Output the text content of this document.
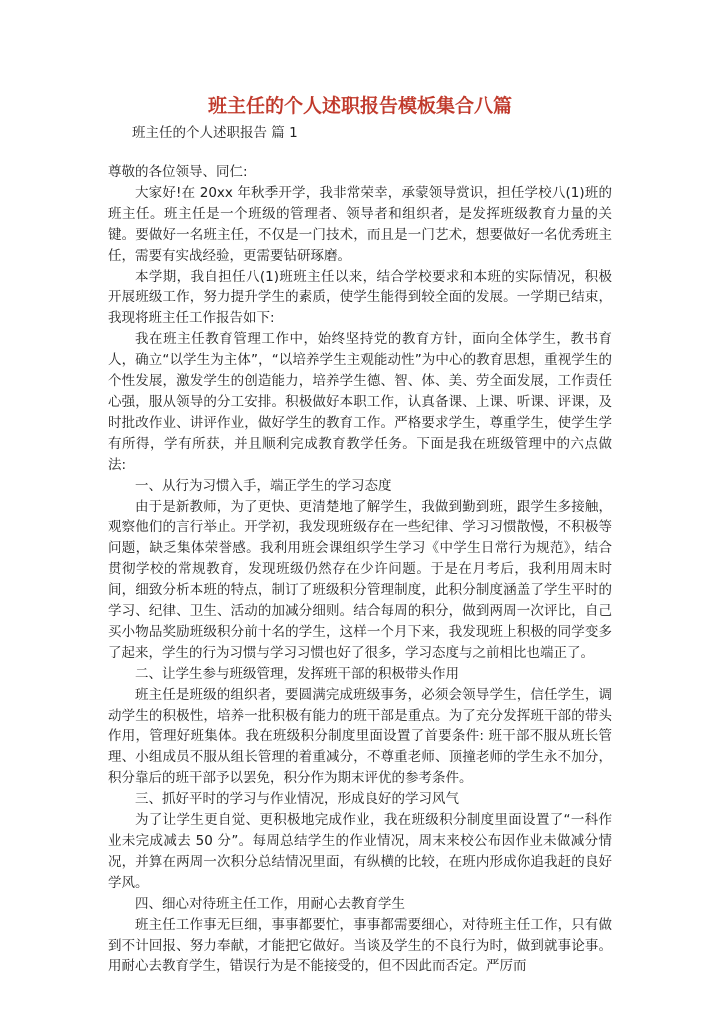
班主任的个人述职报告模板集合八篇
班主任的个人述职报告 篇 1

尊敬的各位领导、同仁:

大家好!在 20xx 年秋季开学，我非常荣幸，承蒙领导赏识，担任学校八(1)班的班主任。班主任是一个班级的管理者、领导者和组织者，是发挥班级教育力量的关键。要做好一名班主任，不仅是一门技术，而且是一门艺术，想要做好一名优秀班主任，需要有实战经验，更需要钻研琢磨。

本学期，我自担任八(1)班班主任以来，结合学校要求和本班的实际情况，积极开展班级工作，努力提升学生的素质，使学生能得到较全面的发展。一学期已结束，我现将班主任工作报告如下:

我在班主任教育管理工作中，始终坚持党的教育方针，面向全体学生，教书育人，确立“以学生为主体”，“以培养学生主观能动性”为中心的教育思想，重视学生的个性发展，激发学生的创造能力，培养学生德、智、体、美、劳全面发展，工作责任心强，服从领导的分工安排。积极做好本职工作，认真备课、上课、听课、评课，及时批改作业、讲评作业，做好学生的教育工作。严格要求学生，尊重学生，使学生学有所得，学有所获，并且顺利完成教育教学任务。下面是我在班级管理中的六点做法:

一、从行为习惯入手，端正学生的学习态度

由于是新教师，为了更快、更清楚地了解学生，我做到勤到班，跟学生多接触，观察他们的言行举止。开学初，我发现班级存在一些纪律、学习习惯散慢，不积极等问题，缺乏集体荣誉感。我利用班会课组织学生学习《中学生日常行为规范》，结合贯彻学校的常规教育，发现班级仍然存在少许问题。于是在月考后，我利用周末时间，细致分析本班的特点，制订了班级积分管理制度，此积分制度涵盖了学生平时的学习、纪律、卫生、活动的加减分细则。结合每周的积分，做到两周一次评比，自己买小物品奖励班级积分前十名的学生，这样一个月下来，我发现班上积极的同学变多了起来，学生的行为习惯与学习习惯也好了很多，学习态度与之前相比也端正了。

二、让学生参与班级管理，发挥班干部的积极带头作用

班主任是班级的组织者，要圆满完成班级事务，必须会领导学生，信任学生，调动学生的积极性，培养一批积极有能力的班干部是重点。为了充分发挥班干部的带头作用，管理好班集体。我在班级积分制度里面设置了首要条件: 班干部不服从班长管理、小组成员不服从组长管理的着重减分，不尊重老师、顶撞老师的学生永不加分，积分靠后的班干部予以罢免，积分作为期末评优的参考条件。

三、抓好平时的学习与作业情况，形成良好的学习风气

为了让学生更自觉、更积极地完成作业，我在班级积分制度里面设置了“一科作业未完成减去 50 分”。每周总结学生的作业情况，周末来校公布因作业未做减分情况，并算在两周一次积分总结情况里面，有纵横的比较，在班内形成你追我赶的良好学风。

四、细心对待班主任工作，用耐心去教育学生

班主任工作事无巨细，事事都要忙，事事都需要细心，对待班主任工作，只有做到不计回报、努力奉献，才能把它做好。当谈及学生的不良行为时，做到就事论事。用耐心去教育学生，错误行为是不能接受的，但不因此而否定。严厉而
